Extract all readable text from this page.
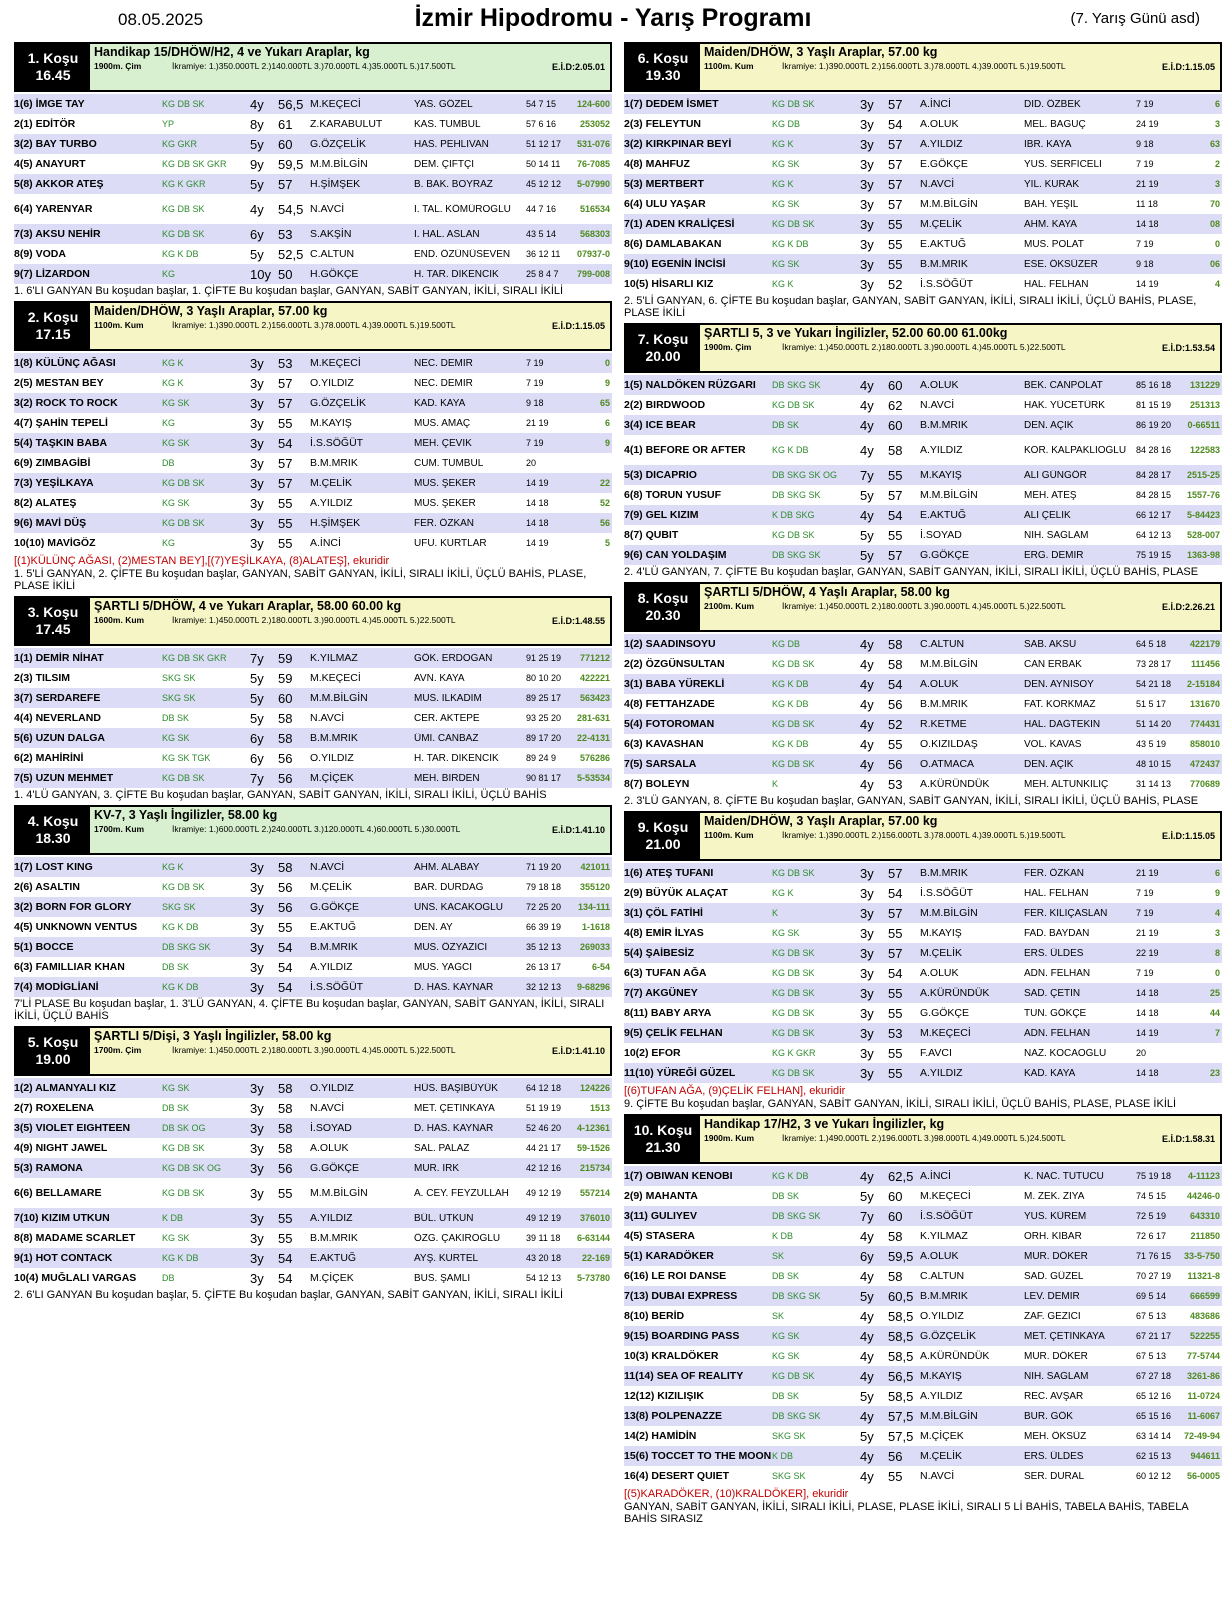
08.05.2025	İzmir Hipodromu - Yarış Programı	(7. Yarış Günü asd)
1. Koşu
16.45
Handikap 15/DHÖW/H2, 4 ve Yukarı Araplar, kg
1900m. Çim	İkramiye: 1.)350.000TL 2.)140.000TL 3.)70.000TL 4.)35.000TL 5.)17.500TL	E.İ.D:2.05.01
1(6) İMGE TAY	KG DB SK	4y	56,5 M.KEÇECİ	YAS. GÖZEL	54 7 15	124-600
2(1) EDİTÖR	YP	8y	61	Z.KARABULUT	KAS. TUMBUL	57 6 16	253052
3(2) BAY TURBO	KG GKR	5y	60	G.ÖZÇELİK	HAS. PEHLİVAN	51 12 17	531-076
4(5) ANAYURT	KG DB SK GKR	9y	59,5 M.M.BİLGİN	DEM. ÇİFTÇİ	50 14 11	76-7085
5(8) AKKOR ATEŞ	KG K GKR	5y	57	H.ŞİMŞEK	B. BAK. BOYRAZ	45 12 12	5-07990
6(4) YARENYAR	KG DB SK	4y	54,5 N.AVCİ	İ. TAL. KÖMÜROĞLU	44 7 16	516534
7(3) AKSU NEHİR	KG DB SK	6y	53	S.AKŞİN	İ. HAL. ASLAN	43 5 14	568303
8(9) VODA	KG K DB	5y	52,5 C.ALTUN	END. ÖZÜNÜSEVEN	36 12 11	07937-0
9(7) LİZARDON	KG	10y 50	H.GÖKÇE	H. TAR. DİKENCİK	25 8 4 7	799-008
1. 6'LI GANYAN Bu koşudan başlar, 1. ÇİFTE Bu koşudan başlar, GANYAN, SABİT GANYAN, İKİLİ, SIRALI İKİLİ
2. Koşu
17.15
Maiden/DHÖW, 3 Yaşlı Araplar, 57.00 kg
1100m. Kum	İkramiye: 1.)390.000TL 2.)156.000TL 3.)78.000TL 4.)39.000TL 5.)19.500TL	E.İ.D:1.15.05
1(8) KÜLÜNÇ AĞASI	KG K	3y	53	M.KEÇECİ	NEC. DEMİR	7 19	0
2(5) MESTAN BEY	KG K	3y	57	O.YILDIZ	NEC. DEMİR	7 19	9
3(2) ROCK TO ROCK	KG SK	3y	57	G.ÖZÇELİK	KAD. KAYA	9 18	65
4(7) ŞAHİN TEPELİ	KG	3y	55	M.KAYIŞ	MUS. AMAÇ	21 19	6
5(4) TAŞKIN BABA	KG SK	3y	54	İ.S.SÖĞÜT	MEH. ÇEVİK	7 19	9
6(9) ZIMBAGİBİ	DB	3y	57	B.M.MRIK	CUM. TUMBUL	20
7(3) YEŞİLKAYA	KG DB SK	3y	57	M.ÇELİK	MUS. ŞEKER	14 19	22
8(2) ALATEŞ	KG SK	3y	55	A.YILDIZ	MUS. ŞEKER	14 18	52
9(6) MAVİ DÜŞ	KG DB SK	3y	55	H.ŞİMŞEK	FER. ÖZKAN	14 18	56
10(10) MAVİGÖZ	KG	3y	55	A.İNCİ	UFU. KURTLAR	14 19	5
[(1)KÜLÜNÇ AĞASI, (2)MESTAN BEY],[(7)YEŞİLKAYA, (8)ALATEŞ], ekuridir
1. 5'Lİ GANYAN, 2. ÇİFTE Bu koşudan başlar, GANYAN, SABİT GANYAN, İKİLİ, SIRALI İKİLİ, ÜÇLÜ BAHİS, PLASE, PLASE İKİLİ
3. Koşu
17.45
ŞARTLI 5/DHÖW, 4 ve Yukarı Araplar, 58.00 60.00 kg
1600m. Kum	İkramiye: 1.)450.000TL 2.)180.000TL 3.)90.000TL 4.)45.000TL 5.)22.500TL	E.İ.D:1.48.55
1(1) DEMİR NİHAT	KG DB SK GKR	7y	59	K.YILMAZ	GÖK. ERDOĞAN	91 25 19	771212
2(3) TILSIM	SKG SK	5y	59	M.KEÇECİ	AVN. KAYA	80 10 20	422221
3(7) SERDAREFE	SKG SK	5y	60	M.M.BİLGİN	MUS. İLKADIM	89 25 17	563423
4(4) NEVERLAND	DB SK	5y	58	N.AVCİ	CER. AKTEPE	93 25 20	281-631
5(6) UZUN DALGA	KG SK	6y	58	B.M.MRIK	ÜMİ. CANBAZ	89 17 20	22-4131
6(2) MAHİRİNİ	KG SK TGK	6y	56	O.YILDIZ	H. TAR. DİKENCİK	89 24 9	576286
7(5) UZUN MEHMET	KG DB SK	7y	56	M.ÇİÇEK	MEH. BİRDEN	90 81 17	5-53534
1. 4'LÜ GANYAN, 3. ÇİFTE Bu koşudan başlar, GANYAN, SABİT GANYAN, İKİLİ, SIRALI İKİLİ, ÜÇLÜ BAHİS
4. Koşu
18.30
KV-7, 3 Yaşlı İngilizler, 58.00 kg
1700m. Kum	İkramiye: 1.)600.000TL 2.)240.000TL 3.)120.000TL 4.)60.000TL 5.)30.000TL	E.İ.D:1.41.10
1(7) LOST KING	KG K	3y	58	N.AVCİ	AHM. ALABAY	71 19 20	421011
2(6) ASALTIN	KG DB SK	3y	56	M.ÇELİK	BAR. DURDAĞ	79 18 18	355120
3(2) BORN FOR GLORY	SKG SK	3y	56	G.GÖKÇE	UNS. KACAKOGLU	72 25 20	134-111
4(5) UNKNOWN VENTUS	KG K DB	3y	55	E.AKTUĞ	DEN. AY	66 39 19	1-1618
5(1) BOCCE	DB SKG SK	3y	54	B.M.MRIK	MUS. ÖZYAZICI	35 12 13	269033
6(3) FAMILLIAR KHAN	DB SK	3y	54	A.YILDIZ	MUS. YAĞCI	26 13 17	6-54
7(4) MODİGLİANİ	KG K DB	3y	54	İ.S.SÖĞÜT	D. HAS. KAYNAR	32 12 13	9-68296
7'Lİ PLASE Bu koşudan başlar, 1. 3'LÜ GANYAN, 4. ÇİFTE Bu koşudan başlar, GANYAN, SABİT GANYAN, İKİLİ, SIRALI İKİLİ, ÜÇLÜ BAHİS
5. Koşu
19.00
ŞARTLI 5/Dişi, 3 Yaşlı İngilizler, 58.00 kg
1700m. Çim	İkramiye: 1.)450.000TL 2.)180.000TL 3.)90.000TL 4.)45.000TL 5.)22.500TL	E.İ.D:1.41.10
1(2) ALMANYALI KIZ	KG SK	3y	58	O.YILDIZ	HÜS. BAŞIBÜYÜK	64 12 18	124226
2(7) ROXELENA	DB SK	3y	58	N.AVCİ	MET. ÇETİNKAYA	51 19 19	1513
3(5) VIOLET EIGHTEEN	DB SK OG	3y	58	İ.SOYAD	D. HAS. KAYNAR	52 46 20	4-12361
4(9) NIGHT JAWEL	KG DB SK	3y	58	A.OLUK	SAL. PALAZ	44 21 17	59-1526
5(3) RAMONA	KG DB SK OG	3y	56	G.GÖKÇE	MUR. İRK	42 12 16	215734
6(6) BELLAMARE	KG DB SK	3y	55	M.M.BİLGİN	A. CEY. FEYZULLAH	49 12 19	557214
7(10) KIZIM UTKUN	K DB	3y	55	A.YILDIZ	BÜL. UTKUN	49 12 19	376010
8(8) MADAME SCARLET	KG SK	3y	55	B.M.MRIK	ÖZG. ÇAKIROĞLU	39 11 18	6-63144
9(1) HOT CONTACK	KG K DB	3y	54	E.AKTUĞ	AYŞ. KURTEL	43 20 18	22-169
10(4) MUĞLALI VARGAS	DB	3y	54	M.ÇİÇEK	BUS. ŞAMLI	54 12 13	5-73780
2. 6'LI GANYAN Bu koşudan başlar, 5. ÇİFTE Bu koşudan başlar, GANYAN, SABİT GANYAN, İKİLİ, SIRALI İKİLİ
6. Koşu
19.30
Maiden/DHÖW, 3 Yaşlı Araplar, 57.00 kg
1100m. Kum	İkramiye: 1.)390.000TL 2.)156.000TL 3.)78.000TL 4.)39.000TL 5.)19.500TL	E.İ.D:1.15.05
1(7) DEDEM İSMET	KG DB SK	3y	57	A.İNCİ	DİD. ÖZBEK	7 19	6
2(3) FELEYTUN	KG DB	3y	54	A.OLUK	MEL. BAGUÇ	24 19	3
3(2) KIRKPINAR BEYİ	KG K	3y	57	A.YILDIZ	İBR. KAYA	9 18	63
4(8) MAHFUZ	KG SK	3y	57	E.GÖKÇE	YUS. SERFİCELİ	7 19	2
5(3) MERTBERT	KG K	3y	57	N.AVCİ	YIL. KURAK	21 19	3
6(4) ULU YAŞAR	KG SK	3y	57	M.M.BİLGİN	BAH. YEŞİL	11 18	70
7(1) ADEN KRALİÇESİ	KG DB SK	3y	55	M.ÇELİK	AHM. KAYA	14 18	08
8(6) DAMLABAKAN	KG K DB	3y	55	E.AKTUĞ	MUS. POLAT	7 19	0
9(10) EGENİN İNCİSİ	KG SK	3y	55	B.M.MRIK	ESE. ÖKSÜZER	9 18	06
10(5) HİSARLI KIZ	KG K	3y	52	İ.S.SÖĞÜT	HAL. FELHAN	14 19	4
2. 5'Lİ GANYAN, 6. ÇİFTE Bu koşudan başlar, GANYAN, SABİT GANYAN, İKİLİ, SIRALI İKİLİ, ÜÇLÜ BAHİS, PLASE, PLASE İKİLİ
7. Koşu
20.00
ŞARTLI 5, 3 ve Yukarı İngilizler, 52.00 60.00 61.00kg
1900m. Çim	İkramiye: 1.)450.000TL 2.)180.000TL 3.)90.000TL 4.)45.000TL 5.)22.500TL	E.İ.D:1.53.54
1(5) NALDÖKEN RÜZGARI	DB SKG SK	4y	60	A.OLUK	BEK. CANPOLAT	85 16 18	131229
2(2) BIRDWOOD	KG DB SK	4y	62	N.AVCİ	HAK. YÜCETÜRK	81 15 19	251313
3(4) ICE BEAR	DB SK	4y	60	B.M.MRIK	DEN. AÇIK	86 19 20	0-66511
4(1) BEFORE OR AFTER	KG K DB	4y	58	A.YILDIZ	KOR. KALPAKLIOĞLU	84 28 16	122583
5(3) DICAPRIO	DB SKG SK OG	7y	55	M.KAYIŞ	ALİ GÜNGÖR	84 28 17	2515-25
6(8) TORUN YUSUF	DB SKG SK	5y	57	M.M.BİLGİN	MEH. ATEŞ	84 28 15	1557-76
7(9) GEL KIZIM	K DB SKG	4y	54	E.AKTUĞ	ALİ ÇELİK	66 12 17	5-84423
8(7) QUBIT	KG DB SK	5y	55	İ.SOYAD	NİH. SAĞLAM	64 12 13	528-007
9(6) CAN YOLDAŞIM	DB SKG SK	5y	57	G.GÖKÇE	ERG. DEMİR	75 19 15	1363-98
2. 4'LÜ GANYAN, 7. ÇİFTE Bu koşudan başlar, GANYAN, SABİT GANYAN, İKİLİ, SIRALI İKİLİ, ÜÇLÜ BAHİS, PLASE
8. Koşu
20.30
ŞARTLI 5/DHÖW, 4 Yaşlı Araplar, 58.00 kg
2100m. Kum	İkramiye: 1.)450.000TL 2.)180.000TL 3.)90.000TL 4.)45.000TL 5.)22.500TL	E.İ.D:2.26.21
1(2) SAADINSOYU	KG DB	4y	58	C.ALTUN	SAB. AKSU	64 5 18	422179
2(2) ÖZGÜNSULTAN	KG DB SK	4y	58	M.M.BİLGİN	CAN ERBAK	73 28 17	111456
3(1) BABA YÜREKLİ	KG K DB	4y	54	A.OLUK	DEN. AYNISOY	54 21 18	2-15184
4(8) FETTAHZADE	KG K DB	4y	56	B.M.MRIK	FAT. KORKMAZ	51 5 17	131670
5(4) FOTOROMAN	KG DB SK	4y	52	R.KETME	HAL. DAĞTEKİN	51 14 20	774431
6(3) KAVASHAN	KG K DB	4y	55	O.KIZILDAŞ	VOL. KAVAS	43 5 19	858010
7(5) SARSALA	KG DB SK	4y	56	O.ATMACA	DEN. AÇIK	48 10 15	472437
8(7) BOLEYN	K	4y	53	A.KÜRÜNDÜK	MEH. ALTUNKILIÇ	31 14 13	770689
2. 3'LÜ GANYAN, 8. ÇİFTE Bu koşudan başlar, GANYAN, SABİT GANYAN, İKİLİ, SIRALI İKİLİ, ÜÇLÜ BAHİS, PLASE
9. Koşu
21.00
Maiden/DHÖW, 3 Yaşlı Araplar, 57.00 kg
1100m. Kum	İkramiye: 1.)390.000TL 2.)156.000TL 3.)78.000TL 4.)39.000TL 5.)19.500TL	E.İ.D:1.15.05
1(6) ATEŞ TUFANI	KG DB SK	3y	57	B.M.MRIK	FER. ÖZKAN	21 19	6
2(9) BÜYÜK ALAÇAT	KG K	3y	54	İ.S.SÖĞÜT	HAL. FELHAN	7 19	9
3(1) ÇÖL FATİHİ	K	3y	57	M.M.BİLGİN	FER. KILIÇASLAN	7 19	4
4(8) EMİR İLYAS	KG SK	3y	55	M.KAYIŞ	FAD. BAYDAN	21 19	3
5(4) ŞAİBESİZ	KG DB SK	3y	57	M.ÇELİK	ERS. ÜLDES	22 19	8
6(3) TUFAN AĞA	KG DB SK	3y	54	A.OLUK	ADN. FELHAN	7 19	0
7(7) AKGÜNEY	KG DB SK	3y	55	A.KÜRÜNDÜK	SAD. ÇETİN	14 18	25
8(11) BABY ARYA	KG DB SK	3y	55	G.GÖKÇE	TUN. GÖKÇE	14 18	44
9(5) ÇELİK FELHAN	KG DB SK	3y	53	M.KEÇECİ	ADN. FELHAN	14 19	7
10(2) EFOR	KG K GKR	3y	55	F.AVCI	NAZ. KOCAOĞLU	20
11(10) YÜREĞİ GÜZEL	KG DB SK	3y	55	A.YILDIZ	KAD. KAYA	14 18	23
[(6)TUFAN AĞA, (9)ÇELİK FELHAN], ekuridir
9. ÇİFTE Bu koşudan başlar, GANYAN, SABİT GANYAN, İKİLİ, SIRALI İKİLİ, ÜÇLÜ BAHİS, PLASE, PLASE İKİLİ
10. Koşu
21.30
Handikap 17/H2, 3 ve Yukarı İngilizler, kg
1900m. Kum	İkramiye: 1.)490.000TL 2.)196.000TL 3.)98.000TL 4.)49.000TL 5.)24.500TL	E.İ.D:1.58.31
1(7) OBIWAN KENOBI	KG K DB	4y	62,5 A.İNCİ	K. NAC. TUTUCU	75 19 18	4-11123
2(9) MAHANTA	DB SK	5y	60	M.KEÇECİ	M. ZEK. ZİYA	74 5 15	44246-0
3(11) GULIYEV	DB SKG SK	7y	60	İ.S.SÖĞÜT	YUS. KÜREM	72 5 19	643310
4(5) STASERA	K DB	4y	58	K.YILMAZ	ORH. KİBAR	72 6 17	211850
5(1) KARADÖKER	SK	6y	59,5 A.OLUK	MUR. DÖKER	71 76 15	33-5-750
6(16) LE ROI DANSE	DB SK	4y	58	C.ALTUN	SAD. GÜZEL	70 27 19	11321-8
7(13) DUBAI EXPRESS	DB SKG SK	5y	60,5 B.M.MRIK	LEV. DEMİR	69 5 14	666599
8(10) BERİD	SK	4y	58,5 O.YILDIZ	ZAF. GEZİCİ	67 5 13	483686
9(15) BOARDING PASS	KG SK	4y	58,5 G.ÖZÇELİK	MET. ÇETİNKAYA	67 21 17	522255
10(3) KRALDÖKER	KG SK	4y	58,5 A.KÜRÜNDÜK	MUR. DÖKER	67 5 13	77-5744
11(14) SEA OF REALITY	KG DB SK	4y	56,5 M.KAYIŞ	NİH. SAĞLAM	67 27 18	3261-86
12(12) KIZILIŞIK	DB SK	5y	58,5 A.YILDIZ	REC. AVŞAR	65 12 16	11-0724
13(8) POLPENAZZE	DB SKG SK	4y	57,5 M.M.BİLGİN	BUR. GÖK	65 15 16	11-6067
14(2) HAMİDİN	SKG SK	5y	57,5 M.ÇİÇEK	MEH. ÖKSÜZ	63 14 14	72-49-94
15(6) TOCCET TO THE MOON K DB	4y	56	M.ÇELİK	ERS. ÜLDES	62 15 13	944611
16(4) DESERT QUIET	SKG SK	4y	55	N.AVCİ	SER. DURAL	60 12 12	56-0005
[(5)KARADÖKER, (10)KRALDÖKER], ekuridir
GANYAN, SABİT GANYAN, İKİLİ, SIRALI İKİLİ, PLASE, PLASE İKİLİ, SIRALI 5 Lİ BAHİS, TABELA BAHİS, TABELA BAHİS SIRASIZ
